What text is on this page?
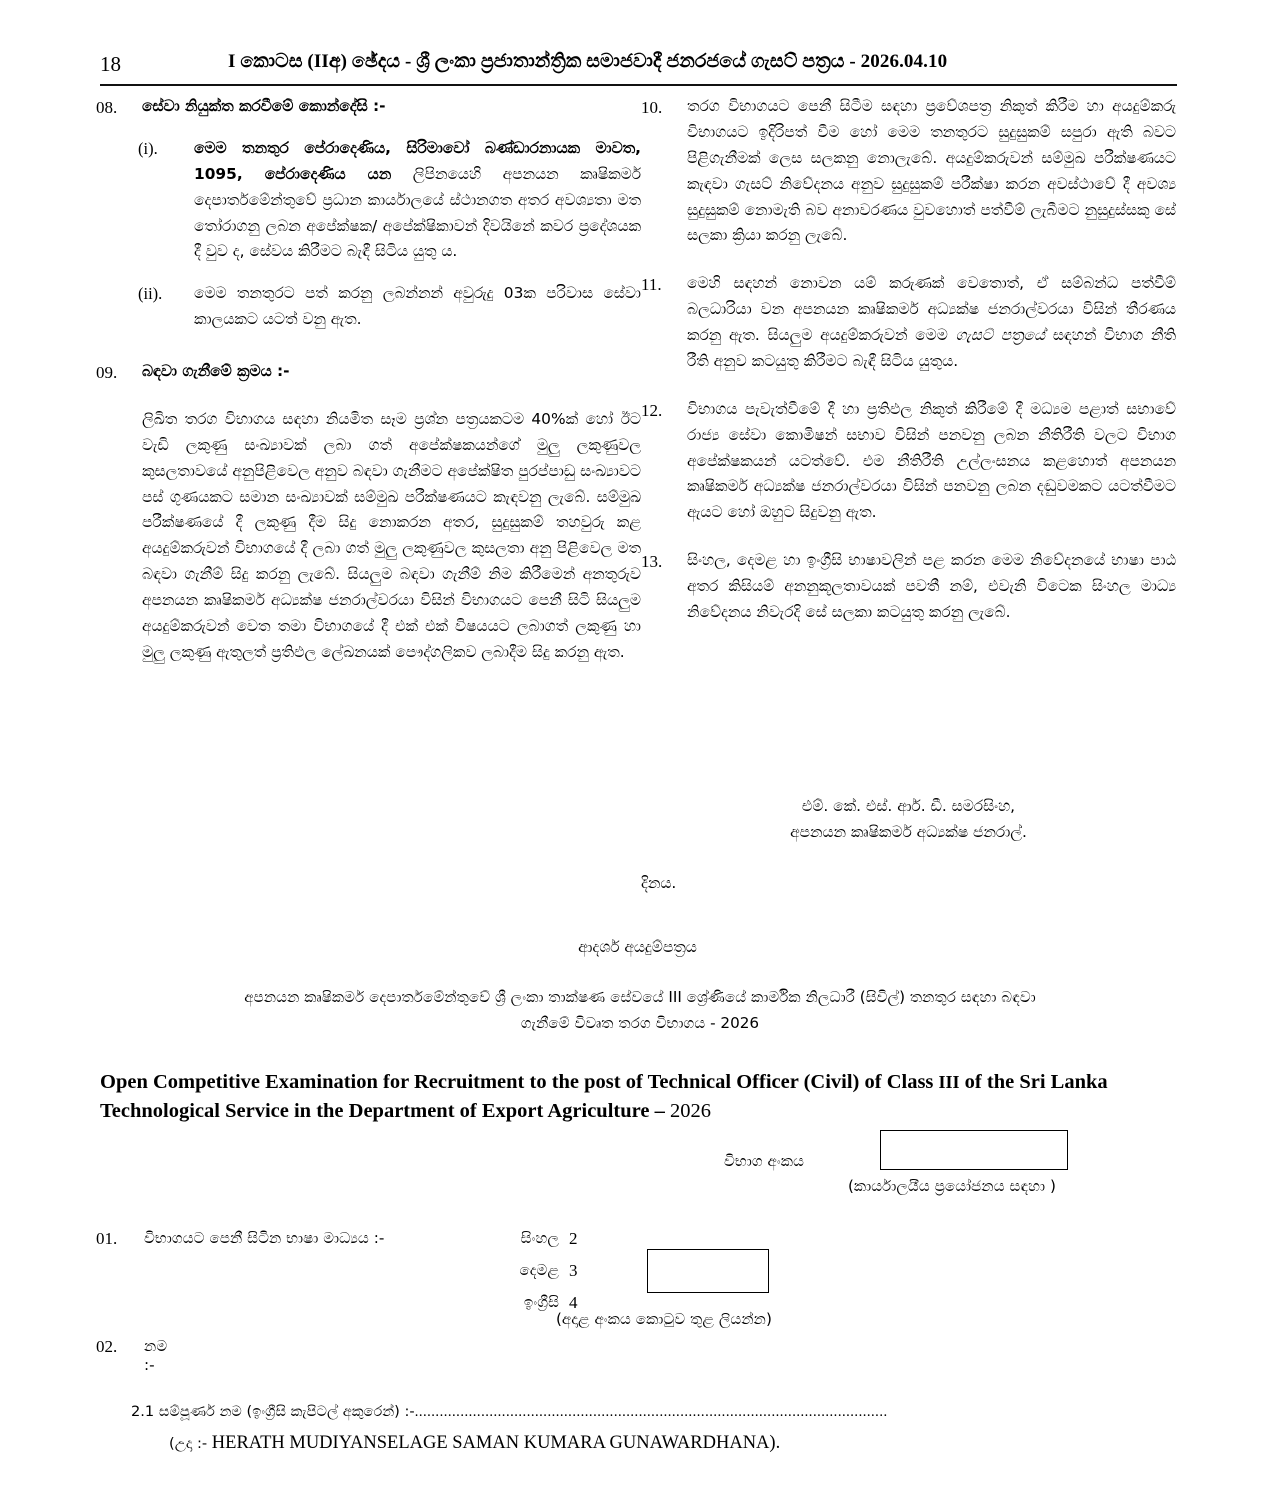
18	I කොටස (IIඅ) ඡේදය - ශ්‍රී ලංකා ප්‍රජාතාන්ත්‍රික සමාජවාදී ජනරජයේ ගැසට් පත්‍රය - 2026.04.10
08.	සේවා නියුක්ත කරවීමේ කොන්දේසි :-
(i).	මෙම තනතුර පේරාදෙණිය, සිරිමාවෝ බණ්ඩාරනායක මාවත, 1095, පේරාදෙණිය යන ලිපිනයෙහි අපනයන කෘෂිකර්ම දෙපාර්තමේන්තුවේ ප්‍රධාන කාර්යාලයේ ස්ථානගත අතර අවශ්‍යතා මත තෝරාගනු ලබන අපේක්ෂක/ අපේක්ෂිකාවන් දිවයිනේ කවර ප්‍රදේශයක දී වුව ද, සේවය කිරීමට බැඳී සිටිය යුතු ය.
(ii).	මෙම තනතුරට පත් කරනු ලබන්නන් අවුරුදු 03ක පරිවාස සේවා කාලයකට යටත් වනු ඇත.
09.	බඳවා ගැනීමේ ක්‍රමය :-
ලිඛිත තරග විභාගය සඳහා නියමිත සෑම ප්‍රශ්න පත්‍රයකටම 40%ක් හෝ ඊට වැඩි ලකුණු සංඛ්‍යාවක් ලබා ගත් අපේක්ෂකයන්ගේ මුලු ලකුණුවල කුසලතාවයේ අනුපිළිවෙල අනුව බඳවා ගැනීමට අපේක්ෂිත පුරප්පාඩු සංඛ්‍යාවට පස් ගුණයකට සමාන සංඛ්‍යාවක් සම්මුඛ පරීක්ෂණයට කැඳවනු ලැබේ. සම්මුඛ පරීක්ෂණයේ දී ලකුණු දීම සිදු නොකරන අතර, සුදුසුකම් තහවුරු කළ අයදුම්කරුවන් විභාගයේ දී ලබා ගත් මුලු ලකුණුවල කුසලතා අනු පිළිවෙල මත බඳවා ගැනීම් සිදු කරනු ලැබේ. සියලුම බඳවා ගැනීම් නිම කිරීමෙන් අනතුරුව අපනයන කෘෂිකර්ම අධ්‍යක්ෂ ජනරාල්වරයා විසින් විභාගයට පෙනී සිටි සියලුම අයදුම්කරුවන් වෙත තමා විභාගයේ දී එක් එක් විෂයයට ලබාගත් ලකුණු හා මුලු ලකුණු ඇතුලත් ප්‍රතිඵල ලේඛනයක් පෞද්ගලිකව ලබාදීම සිදු කරනු ඇත.
10.	තරග විභාගයට පෙනී සිටීම සඳහා ප්‍රවේශපත්‍ර නිකුත් කිරීම හා අයදුම්කරු විභාගයට ඉදිරිපත් වීම හෝ මෙම තනතුරට සුදුසුකම් සපුරා ඇති බවට පිළිගැනීමක් ලෙස සලකනු නොලැබේ. අයදුම්කරුවන් සම්මුඛ පරීක්ෂණයට කැඳවා ගැසට් නිවේදනය අනුව සුදුසුකම් පරීක්ෂා කරන අවස්ථාවේ දී අවශ්‍ය සුදුසුකම් නොමැති බව අනාවරණය වුවහොත් පත්වීම් ලැබීමට නුසුදුස්සකු සේ සලකා ක්‍රියා කරනු ලැබේ.
11.	මෙහි සඳහන් නොවන යම් කරුණක් වෙතොත්, ඒ සම්බන්ධ පත්වීම් බලධාරියා වන අපනයන කෘෂිකර්ම අධ්‍යක්ෂ ජනරාල්වරයා විසින් තීරණය කරනු ඇත. සියලුම අයදුම්කරුවන් මෙම ගැසට් පත්‍රයේ සඳහන් විභාග නීති රීති අනුව කටයුතු කිරීමට බැඳී සිටිය යුතුය.
12.	විභාගය පැවැත්වීමේ දී හා ප්‍රතිඵල නිකුත් කිරීමේ දී මධ්‍යම පළාත් සභාවේ රාජ්‍ය සේවා කොමිෂන් සභාව විසින් පනවනු ලබන නීතිරීති වලට විභාග අපේක්ෂකයන් යටත්වේ. එම නීතිරීති උල්ලංසනය කළහොත් අපනයන කෘෂිකර්ම අධ්‍යක්ෂ ජනරාල්වරයා විසින් පනවනු ලබන දඬුවමකට යටත්වීමට ඇයට හෝ ඔහුට සිදුවනු ඇත.
13.	සිංහල, දෙමළ හා ඉංග්‍රීසි භාෂාවලින් පළ කරන මෙම නිවේදනයේ භාෂා පාඨ අතර කිසියම් අනනුකූලතාවයක් පවතී නම්, එවැනි විටෙක සිංහල මාධ්‍ය නිවේදනය නිවැරදි සේ සලකා කටයුතු කරනු ලැබේ.
එම්. කේ. එස්. ආර්. ඩී. සමරසිංහ,
අපනයන කෘෂිකර්ම අධ්‍යක්ෂ ජනරාල්.
දිනය.
ආදර්ශ අයදුම්පත්‍රය
අපනයන කෘෂිකර්ම දෙපාර්තමේන්තුවේ ශ්‍රී ලංකා තාක්ෂණ සේවයේ III ශ්‍රේණියේ කාර්මික නිලධාරී (සිවිල්) තනතුර සඳහා බඳවා ගැනීමේ විවෘත තරග විභාගය - 2026
Open Competitive Examination for Recruitment to the post of Technical Officer (Civil) of Class III of the Sri Lanka Technological Service in the Department of Export Agriculture – 2026
විභාග අංකය
(කාර්යාලයීය ප්‍රයෝජනය සඳහා )
01. විභාගයට පෙනී සිටින භාෂා මාධ්‍යය :-	සිංහල 2
දෙමළ 3
ඉංග්‍රීසි 4
(අදාළ අංකය කොටුව තුළ ලියන්න)
02. නම :-
2.1 සම්පූර්ණ නම (ඉංග්‍රීසි කැපිටල් අකුරෙන්) :-..................................................................................................................
(උදා :- HERATH MUDIYANSELAGE SAMAN KUMARA GUNAWARDHANA).
